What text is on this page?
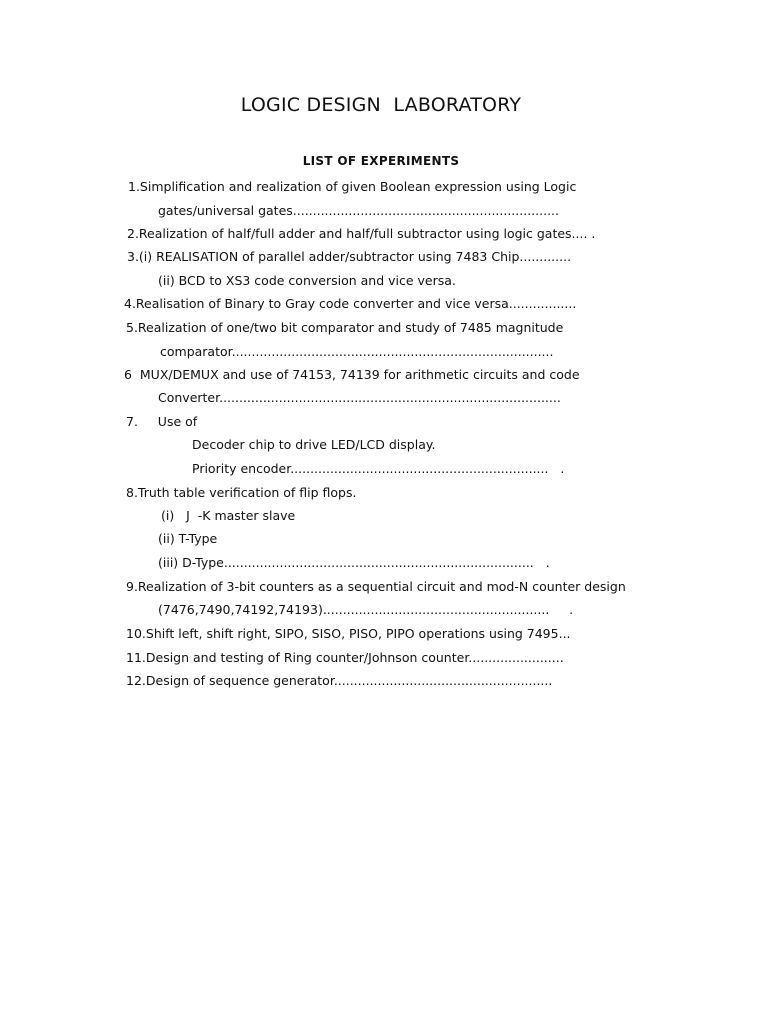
LOGIC DESIGN  LABORATORY
LIST OF EXPERIMENTS
1.Simplification and realization of given Boolean expression using Logic
gates/universal gates...................................................................
2.Realization of half/full adder and half/full subtractor using logic gates.... .
3.(i) REALISATION of parallel adder/subtractor using 7483 Chip.............
(ii) BCD to XS3 code conversion and vice versa.
4.Realisation of Binary to Gray code converter and vice versa.................
5.Realization of one/two bit comparator and study of 7485 magnitude
comparator.................................................................................
6  MUX/DEMUX and use of 74153, 74139 for arithmetic circuits and code
Converter......................................................................................
7.     Use of
Decoder chip to drive LED/LCD display.
Priority encoder.................................................................   .
8.Truth table verification of flip flops.
(i)   J  -K master slave
(ii) T-Type
(iii) D-Type..............................................................................   .
9.Realization of 3-bit counters as a sequential circuit and mod-N counter design
(7476,7490,74192,74193).........................................................     .
10.Shift left, shift right, SIPO, SISO, PISO, PIPO operations using 7495...
11.Design and testing of Ring counter/Johnson counter........................
12.Design of sequence generator.......................................................
